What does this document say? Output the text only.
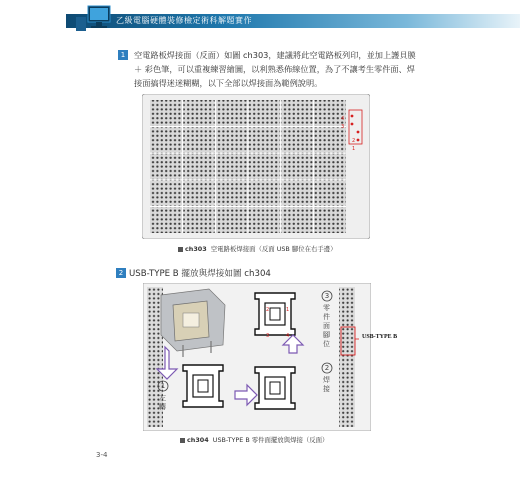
乙級電腦硬體裝修檢定術科解題實作
1	空電路板焊接面（反面）如圖 ch303，建議將此空電路板列印，並加上護貝膜
＋ 彩色筆，可以重複練習繪圖，以利熟悉佈線位置，為了不讓考生零件面、焊
接面搞得迷迷糊糊，以下全部以焊接面為範例說明。
4
3
2
1
ch303 空電路板焊接面（反面 USB 腳位在右手邊）
2 USB-TYPE B 擺放與焊接如圖 ch304
1
左轉
2
焊接
3
零件面腳位
USB-TYPE B
2	1
3	4
ch304 USB-TYPE B 零件面擺放與焊接（反面）
3-4
